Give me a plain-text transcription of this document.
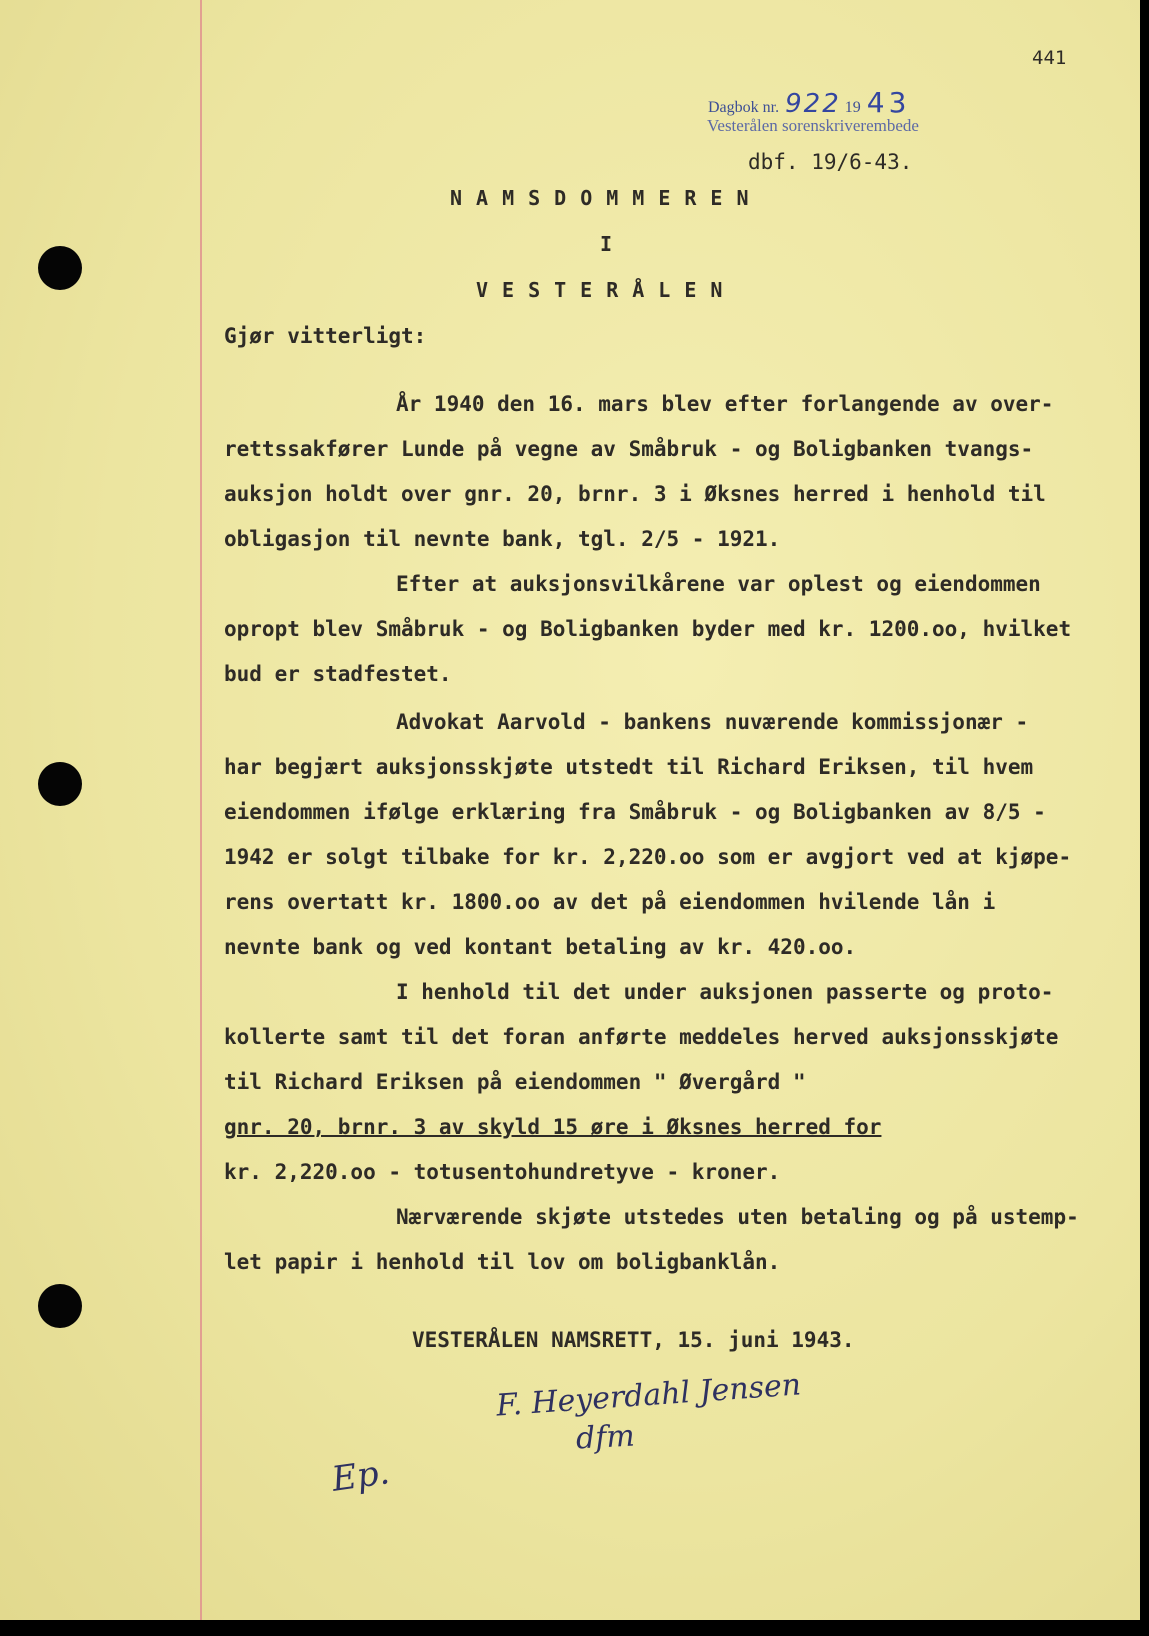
441
Dagbok nr. 922 19 43
Vesterålen sorenskriverembede
dbf. 19/6-43.
NAMSDOMMEREN
I
VESTERÅLEN
Gjør vitterligt:
År 1940 den 16. mars blev efter forlangende av over-
rettssakfører Lunde på vegne av Småbruk - og Boligbanken tvangs-
auksjon holdt over gnr. 20, brnr. 3 i Øksnes herred i henhold til
obligasjon til nevnte bank, tgl. 2/5 - 1921.
Efter at auksjonsvilkårene var oplest og eiendommen
opropt blev Småbruk - og Boligbanken byder med kr. 1200.oo, hvilket
bud er stadfestet.
Advokat Aarvold - bankens nuværende kommissjonær -
har begjært auksjonsskjøte utstedt til Richard Eriksen, til hvem
eiendommen ifølge erklæring fra Småbruk - og Boligbanken av 8/5 -
1942 er solgt tilbake for kr. 2,220.oo som er avgjort ved at kjøpe-
rens overtatt kr. 1800.oo av det på eiendommen hvilende lån i
nevnte bank og ved kontant betaling av kr. 420.oo.
I henhold til det under auksjonen passerte og proto-
kollerte samt til det foran anførte meddeles herved auksjonsskjøte
til Richard Eriksen på eiendommen " Øvergård "
gnr. 20, brnr. 3 av skyld 15 øre i Øksnes herred for
kr. 2,220.oo - totusentohundretyve - kroner.
Nærværende skjøte utstedes uten betaling og på ustemp-
let papir i henhold til lov om boligbanklån.
VESTERÅLEN NAMSRETT, 15. juni 1943.
F. Heyerdahl Jensen
dfm
Ep.
